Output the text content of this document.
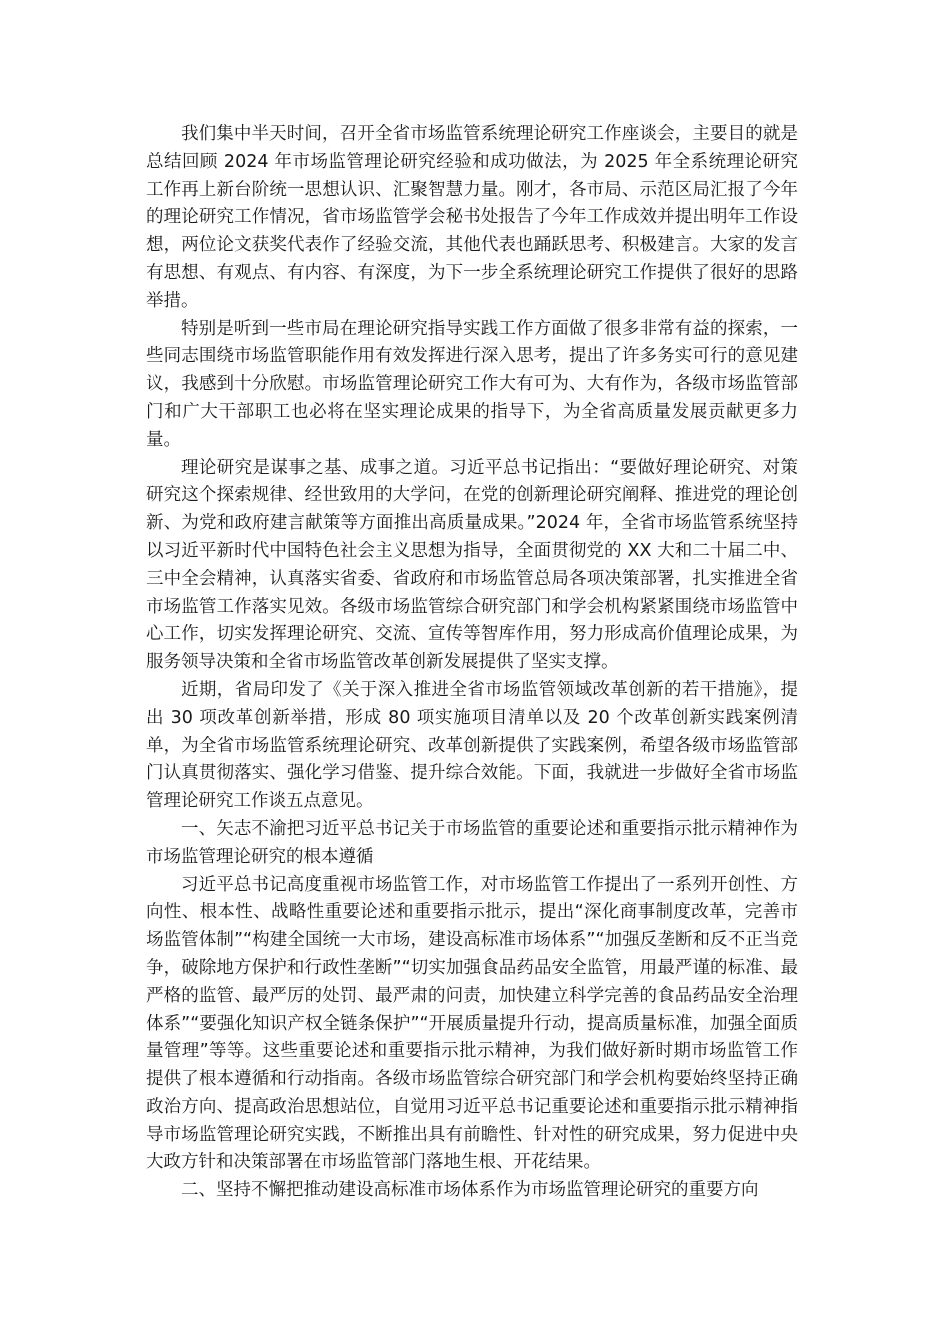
我们集中半天时间，召开全省市场监管系统理论研究工作座谈会，主要目的就是总结回顾 2024 年市场监管理论研究经验和成功做法，为 2025 年全系统理论研究工作再上新台阶统一思想认识、汇聚智慧力量。刚才，各市局、示范区局汇报了今年的理论研究工作情况，省市场监管学会秘书处报告了今年工作成效并提出明年工作设想，两位论文获奖代表作了经验交流，其他代表也踊跃思考、积极建言。大家的发言有思想、有观点、有内容、有深度，为下一步全系统理论研究工作提供了很好的思路举措。

特别是听到一些市局在理论研究指导实践工作方面做了很多非常有益的探索，一些同志围绕市场监管职能作用有效发挥进行深入思考，提出了许多务实可行的意见建议，我感到十分欣慰。市场监管理论研究工作大有可为、大有作为，各级市场监管部门和广大干部职工也必将在坚实理论成果的指导下，为全省高质量发展贡献更多力量。

理论研究是谋事之基、成事之道。习近平总书记指出：“要做好理论研究、对策研究这个探索规律、经世致用的大学问，在党的创新理论研究阐释、推进党的理论创新、为党和政府建言献策等方面推出高质量成果。”2024 年，全省市场监管系统坚持以习近平新时代中国特色社会主义思想为指导，全面贯彻党的 XX 大和二十届二中、三中全会精神，认真落实省委、省政府和市场监管总局各项决策部署，扎实推进全省市场监管工作落实见效。各级市场监管综合研究部门和学会机构紧紧围绕市场监管中心工作，切实发挥理论研究、交流、宣传等智库作用，努力形成高价值理论成果，为服务领导决策和全省市场监管改革创新发展提供了坚实支撑。

近期，省局印发了《关于深入推进全省市场监管领域改革创新的若干措施》，提出 30 项改革创新举措，形成 80 项实施项目清单以及 20 个改革创新实践案例清单，为全省市场监管系统理论研究、改革创新提供了实践案例，希望各级市场监管部门认真贯彻落实、强化学习借鉴、提升综合效能。下面，我就进一步做好全省市场监管理论研究工作谈五点意见。

一、矢志不渝把习近平总书记关于市场监管的重要论述和重要指示批示精神作为市场监管理论研究的根本遵循

习近平总书记高度重视市场监管工作，对市场监管工作提出了一系列开创性、方向性、根本性、战略性重要论述和重要指示批示，提出“深化商事制度改革，完善市场监管体制”“构建全国统一大市场，建设高标准市场体系”“加强反垄断和反不正当竞争，破除地方保护和行政性垄断”“切实加强食品药品安全监管，用最严谨的标准、最严格的监管、最严厉的处罚、最严肃的问责，加快建立科学完善的食品药品安全治理体系”“要强化知识产权全链条保护”“开展质量提升行动，提高质量标准，加强全面质量管理”等等。这些重要论述和重要指示批示精神，为我们做好新时期市场监管工作提供了根本遵循和行动指南。各级市场监管综合研究部门和学会机构要始终坚持正确政治方向、提高政治思想站位，自觉用习近平总书记重要论述和重要指示批示精神指导市场监管理论研究实践，不断推出具有前瞻性、针对性的研究成果，努力促进中央大政方针和决策部署在市场监管部门落地生根、开花结果。

二、坚持不懈把推动建设高标准市场体系作为市场监管理论研究的重要方向
